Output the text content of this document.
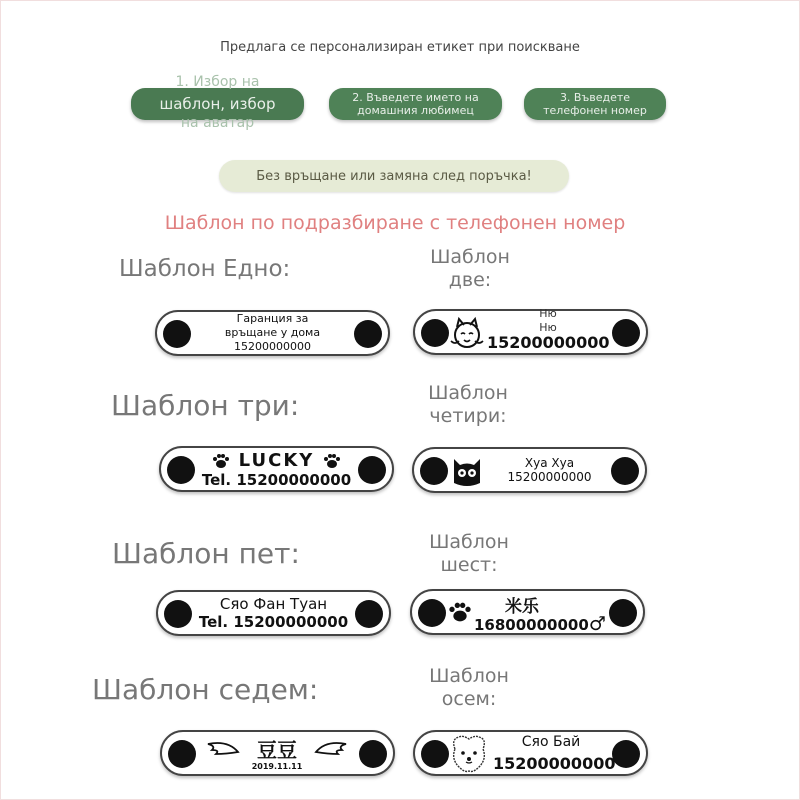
Предлага се персонализиран етикет при поискване
1. Избор на
шаблон, избор
на аватар
2. Въведете името на
домашния любимец
3. Въведете
телефонен номер
Без връщане или замяна след поръчка!
Шаблон по подразбиране с телефонен номер
Шаблон Едно:
Гаранция за
връщане у дома
15200000000
Шаблон
две:
Ню
Ню
15200000000
Шаблон три:
LUCKY
Tel. 15200000000
Шаблон
четири:
Хуа Хуа
15200000000
Шаблон пет:
Сяо Фан Туан
Tel. 15200000000
Шаблон
шест:
米乐
16800000000♂
Шаблон седем:
豆豆
2019.11.11
Шаблон
осем:
Сяо Бай
15200000000
